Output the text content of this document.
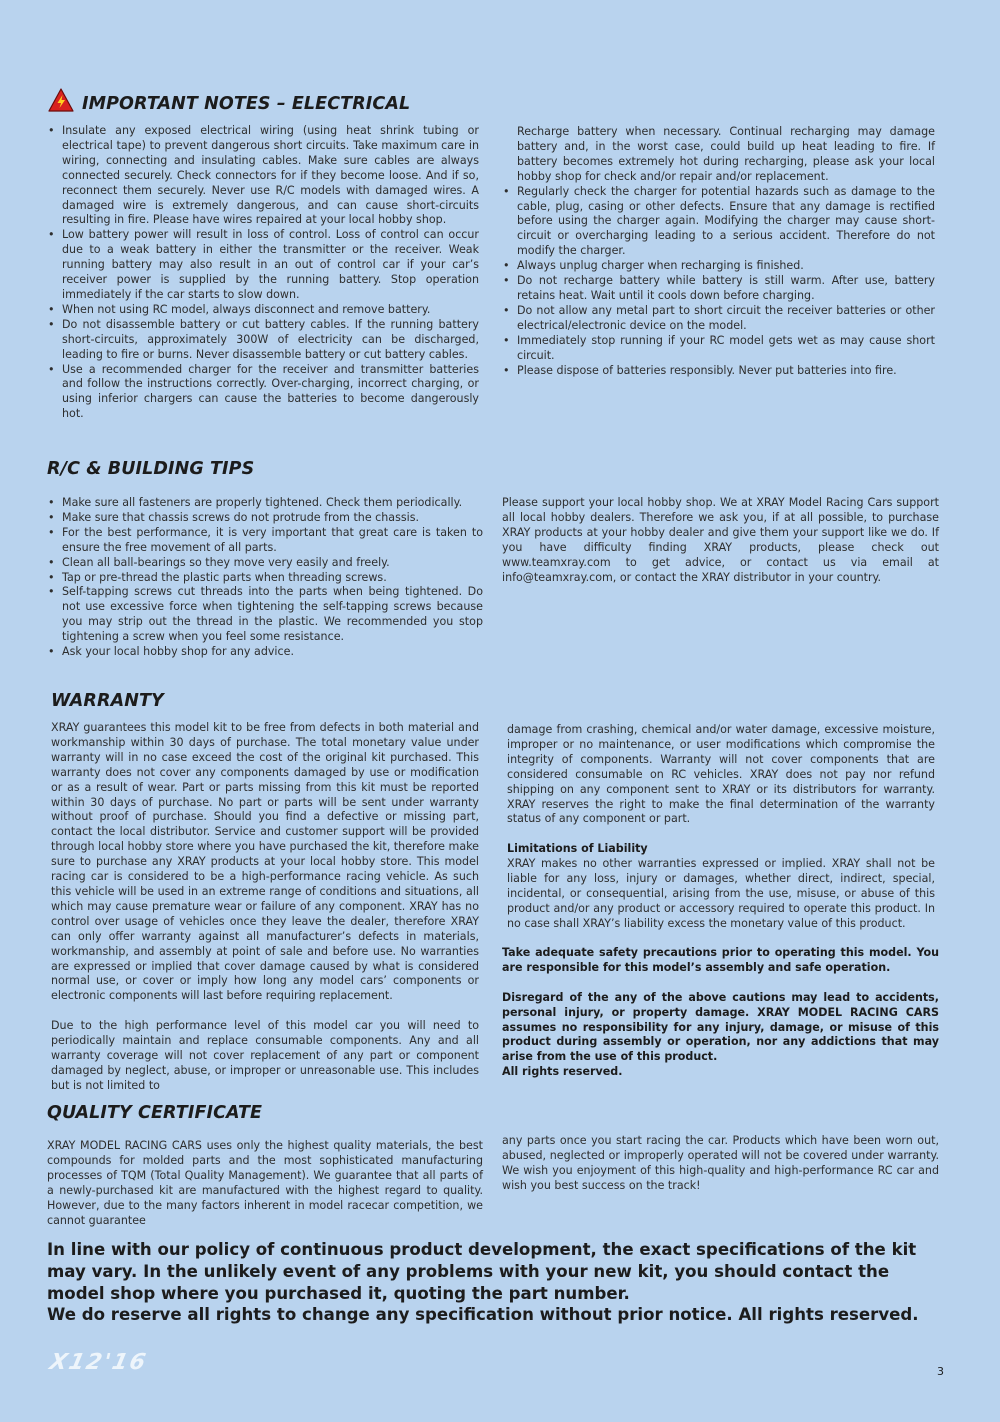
IMPORTANT NOTES – ELECTRICAL
• Insulate any exposed electrical wiring (using heat shrink tubing or electrical tape) to prevent dangerous short circuits. Take maximum care in wiring, connecting and insulating cables. Make sure cables are always connected securely. Check connectors for if they become loose. And if so, reconnect them securely. Never use R/C models with damaged wires. A damaged wire is extremely dangerous, and can cause short-circuits resulting in fire. Please have wires repaired at your local hobby shop.
• Low battery power will result in loss of control. Loss of control can occur due to a weak battery in either the transmitter or the receiver. Weak running battery may also result in an out of control car if your car’s receiver power is supplied by the running battery. Stop operation immediately if the car starts to slow down.
• When not using RC model, always disconnect and remove battery.
• Do not disassemble battery or cut battery cables. If the running battery short-circuits, approximately 300W of electricity can be discharged, leading to fire or burns. Never disassemble battery or cut battery cables.
• Use a recommended charger for the receiver and transmitter batteries and follow the instructions correctly. Over-charging, incorrect charging, or using inferior chargers can cause the batteries to become dangerously hot.

Recharge battery when necessary. Continual recharging may damage battery and, in the worst case, could build up heat leading to fire. If battery becomes extremely hot during recharging, please ask your local hobby shop for check and/or repair and/or replacement.

• Regularly check the charger for potential hazards such as damage to the cable, plug, casing or other defects. Ensure that any damage is rectified before using the charger again. Modifying the charger may cause short-circuit or overcharging leading to a serious accident. Therefore do not modify the charger.
• Always unplug charger when recharging is finished.
• Do not recharge battery while battery is still warm. After use, battery retains heat. Wait until it cools down before charging.
• Do not allow any metal part to short circuit the receiver batteries or other electrical/electronic device on the model.
• Immediately stop running if your RC model gets wet as may cause short circuit.
• Please dispose of batteries responsibly. Never put batteries into fire.
R/C & BUILDING TIPS
• Make sure all fasteners are properly tightened. Check them periodically.
• Make sure that chassis screws do not protrude from the chassis.
• For the best performance, it is very important that great care is taken to ensure the free movement of all parts.
• Clean all ball-bearings so they move very easily and freely.
• Tap or pre-thread the plastic parts when threading screws.
• Self-tapping screws cut threads into the parts when being tightened. Do not use excessive force when tightening the self-tapping screws because you may strip out the thread in the plastic. We recommended you stop tightening a screw when you feel some resistance.
• Ask your local hobby shop for any advice.

Please support your local hobby shop. We at XRAY Model Racing Cars support all local hobby dealers. Therefore we ask you, if at all possible, to purchase XRAY products at your hobby dealer and give them your support like we do. If you have difficulty finding XRAY products, please check out www.teamxray.com to get advice, or contact us via email at info@teamxray.com, or contact the XRAY distributor in your country.

WARRANTY

XRAY guarantees this model kit to be free from defects in both material and workmanship within 30 days of purchase. The total monetary value under warranty will in no case exceed the cost of the original kit purchased. This warranty does not cover any components damaged by use or modification or as a result of wear. Part or parts missing from this kit must be reported within 30 days of purchase. No part or parts will be sent under warranty without proof of purchase. Should you find a defective or missing part, contact the local distributor. Service and customer support will be provided through local hobby store where you have purchased the kit, therefore make sure to purchase any XRAY products at your local hobby store. This model racing car is considered to be a high-performance racing vehicle. As such this vehicle will be used in an extreme range of conditions and situations, all which may cause premature wear or failure of any component. XRAY has no control over usage of vehicles once they leave the dealer, therefore XRAY can only offer warranty against all manufacturer’s defects in materials, workmanship, and assembly at point of sale and before use. No warranties are expressed or implied that cover damage caused by what is considered normal use, or cover or imply how long any model cars’ components or electronic components will last before requiring replacement.

Due to the high performance level of this model car you will need to periodically maintain and replace consumable components. Any and all warranty coverage will not cover replacement of any part or component damaged by neglect, abuse, or improper or unreasonable use. This includes but is not limited to

damage from crashing, chemical and/or water damage, excessive moisture, improper or no maintenance, or user modifications which compromise the integrity of components. Warranty will not cover components that are considered consumable on RC vehicles. XRAY does not pay nor refund shipping on any component sent to XRAY or its distributors for warranty. XRAY reserves the right to make the final determination of the warranty status of any component or part.

Limitations of Liability

XRAY makes no other warranties expressed or implied. XRAY shall not be liable for any loss, injury or damages, whether direct, indirect, special, incidental, or consequential, arising from the use, misuse, or abuse of this product and/or any product or accessory required to operate this product. In no case shall XRAY’s liability excess the monetary value of this product.

Take adequate safety precautions prior to operating this model. You are responsible for this model’s assembly and safe operation.

Disregard of the any of the above cautions may lead to accidents, personal injury, or property damage. XRAY MODEL RACING CARS assumes no responsibility for any injury, damage, or misuse of this product during assembly or operation, nor any addictions that may arise from the use of this product.

All rights reserved.

QUALITY CERTIFICATE

XRAY MODEL RACING CARS uses only the highest quality materials, the best compounds for molded parts and the most sophisticated manufacturing processes of TQM (Total Quality Management). We guarantee that all parts of a newly-purchased kit are manufactured with the highest regard to quality. However, due to the many factors inherent in model racecar competition, we cannot guarantee

any parts once you start racing the car. Products which have been worn out, abused, neglected or improperly operated will not be covered under warranty. We wish you enjoyment of this high-quality and high-performance RC car and wish you best success on the track!

In line with our policy of continuous product development, the exact specifications of the kit may vary. In the unlikely event of any problems with your new kit, you should contact the model shop where you purchased it, quoting the part number.

We do reserve all rights to change any specification without prior notice. All rights reserved.

X12'16	3
